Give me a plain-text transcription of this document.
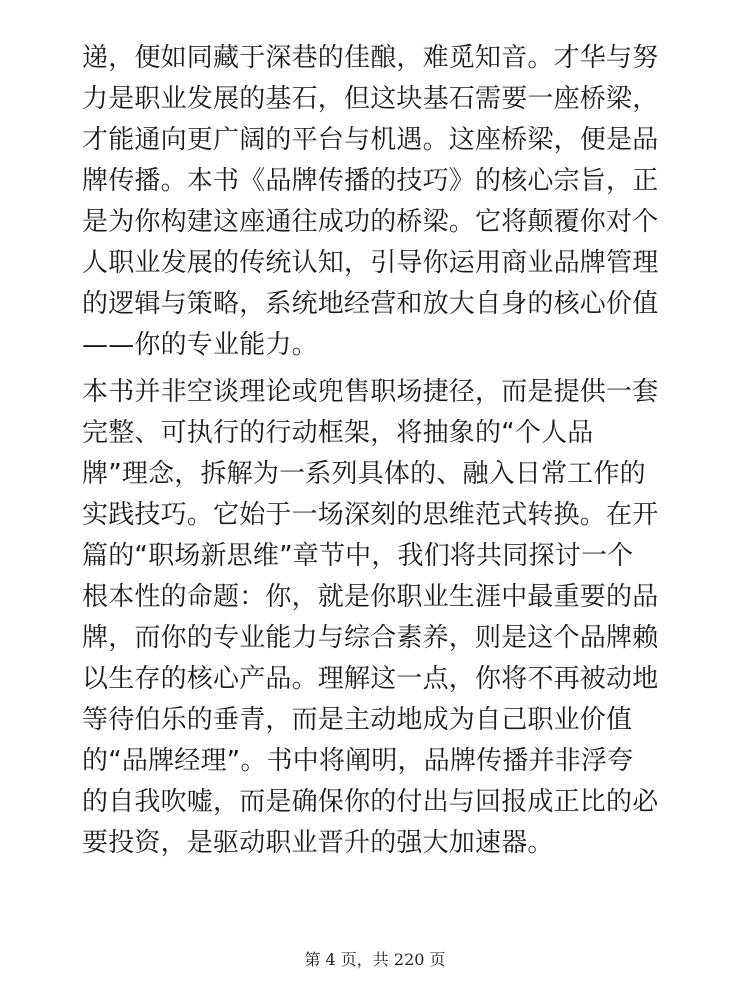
递，便如同藏于深巷的佳酿，难觅知音。才华与努
力是职业发展的基石，但这块基石需要一座桥梁，
才能通向更广阔的平台与机遇。这座桥梁，便是品
牌传播。本书《品牌传播的技巧》的核心宗旨，正
是为你构建这座通往成功的桥梁。它将颠覆你对个
人职业发展的传统认知，引导你运用商业品牌管理
的逻辑与策略，系统地经营和放大自身的核心价值
——你的专业能力。
本书并非空谈理论或兜售职场捷径，而是提供一套
完整、可执行的行动框架，将抽象的“个人品
牌”理念，拆解为一系列具体的、融入日常工作的
实践技巧。它始于一场深刻的思维范式转换。在开
篇的“职场新思维”章节中，我们将共同探讨一个
根本性的命题：你，就是你职业生涯中最重要的品
牌，而你的专业能力与综合素养，则是这个品牌赖
以生存的核心产品。理解这一点，你将不再被动地
等待伯乐的垂青，而是主动地成为自己职业价值
的“品牌经理”。书中将阐明，品牌传播并非浮夸
的自我吹嘘，而是确保你的付出与回报成正比的必
要投资，是驱动职业晋升的强大加速器。
第 4 页，共 220 页
